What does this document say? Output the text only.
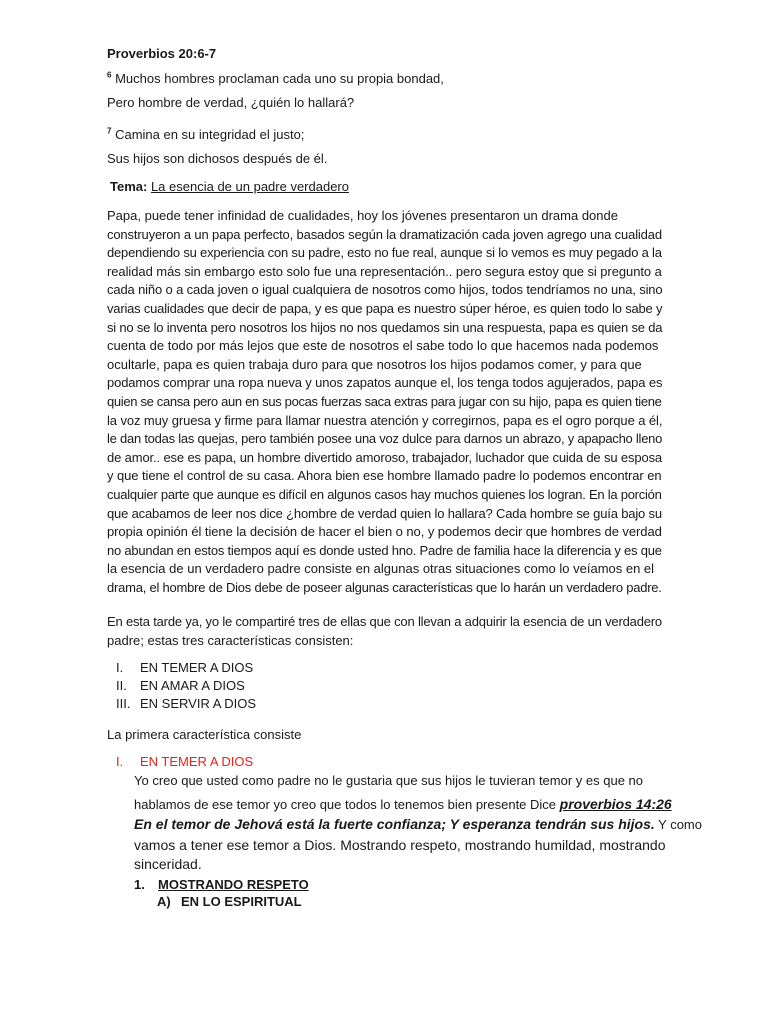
Proverbios 20:6-7
$^6$ Muchos hombres proclaman cada uno su propia bondad,
Pero hombre de verdad, ¿quién lo hallará?
$^7$ Camina en su integridad el justo;
Sus hijos son dichosos después de él.
Tema: La esencia de un padre verdadero
Papa, puede tener infinidad de cualidades, hoy los jóvenes presentaron un drama donde
construyeron a un papa perfecto, basados según la dramatización cada joven agrego una cualidad
dependiendo su experiencia con su padre, esto no fue real, aunque si lo vemos es muy pegado a la
realidad más sin embargo esto solo fue una representación.. pero segura estoy que si pregunto a
cada niño o a cada joven o igual cualquiera de nosotros como hijos, todos tendríamos no una, sino
varias cualidades que decir de papa, y es que papa es nuestro súper héroe, es quien todo lo sabe y
si no se lo inventa pero nosotros los hijos no nos quedamos sin una respuesta, papa es quien se da
cuenta de todo por más lejos que este de nosotros el sabe todo lo que hacemos nada podemos
ocultarle, papa es quien trabaja duro para que nosotros los hijos podamos comer, y para que
podamos comprar una ropa nueva y unos zapatos aunque el, los tenga todos agujerados, papa es
quien se cansa pero aun en sus pocas fuerzas saca extras para jugar con su hijo, papa es quien tiene
la voz muy gruesa y firme para llamar nuestra atención y corregirnos, papa es el ogro porque a él,
le dan todas las quejas, pero también posee una voz dulce para darnos un abrazo, y apapacho lleno
de amor.. ese es papa, un hombre divertido amoroso, trabajador, luchador que cuida de su esposa
y que tiene el control de su casa. Ahora bien ese hombre llamado padre lo podemos encontrar en
cualquier parte que aunque es difícil en algunos casos hay muchos quienes los logran. En la porción
que acabamos de leer nos dice ¿hombre de verdad quien lo hallara? Cada hombre se guía bajo su
propia opinión él tiene la decisión de hacer el bien o no, y podemos decir que hombres de verdad
no abundan en estos tiempos aquí es donde usted hno. Padre de familia hace la diferencia y es que
la esencia de un verdadero padre consiste en algunas otras situaciones como lo veíamos en el
drama, el hombre de Dios debe de poseer algunas características que lo harán un verdadero padre.
En esta tarde ya, yo le compartiré tres de ellas que con llevan a adquirir la esencia de un verdadero
padre; estas tres características consisten:
I. EN TEMER A DIOS
II. EN AMAR A DIOS
III. EN SERVIR A DIOS
La primera característica consiste
I. EN TEMER A DIOS
Yo creo que usted como padre no le gustaria que sus hijos le tuvieran temor y es que no
hablamos de ese temor yo creo que todos lo tenemos bien presente Dice proverbios 14:26
En el temor de Jehová está la fuerte confianza; Y esperanza tendrán sus hijos. Y como
vamos a tener ese temor a Dios. Mostrando respeto, mostrando humildad, mostrando
sinceridad.
1. MOSTRANDO RESPETO
A) EN LO ESPIRITUAL
